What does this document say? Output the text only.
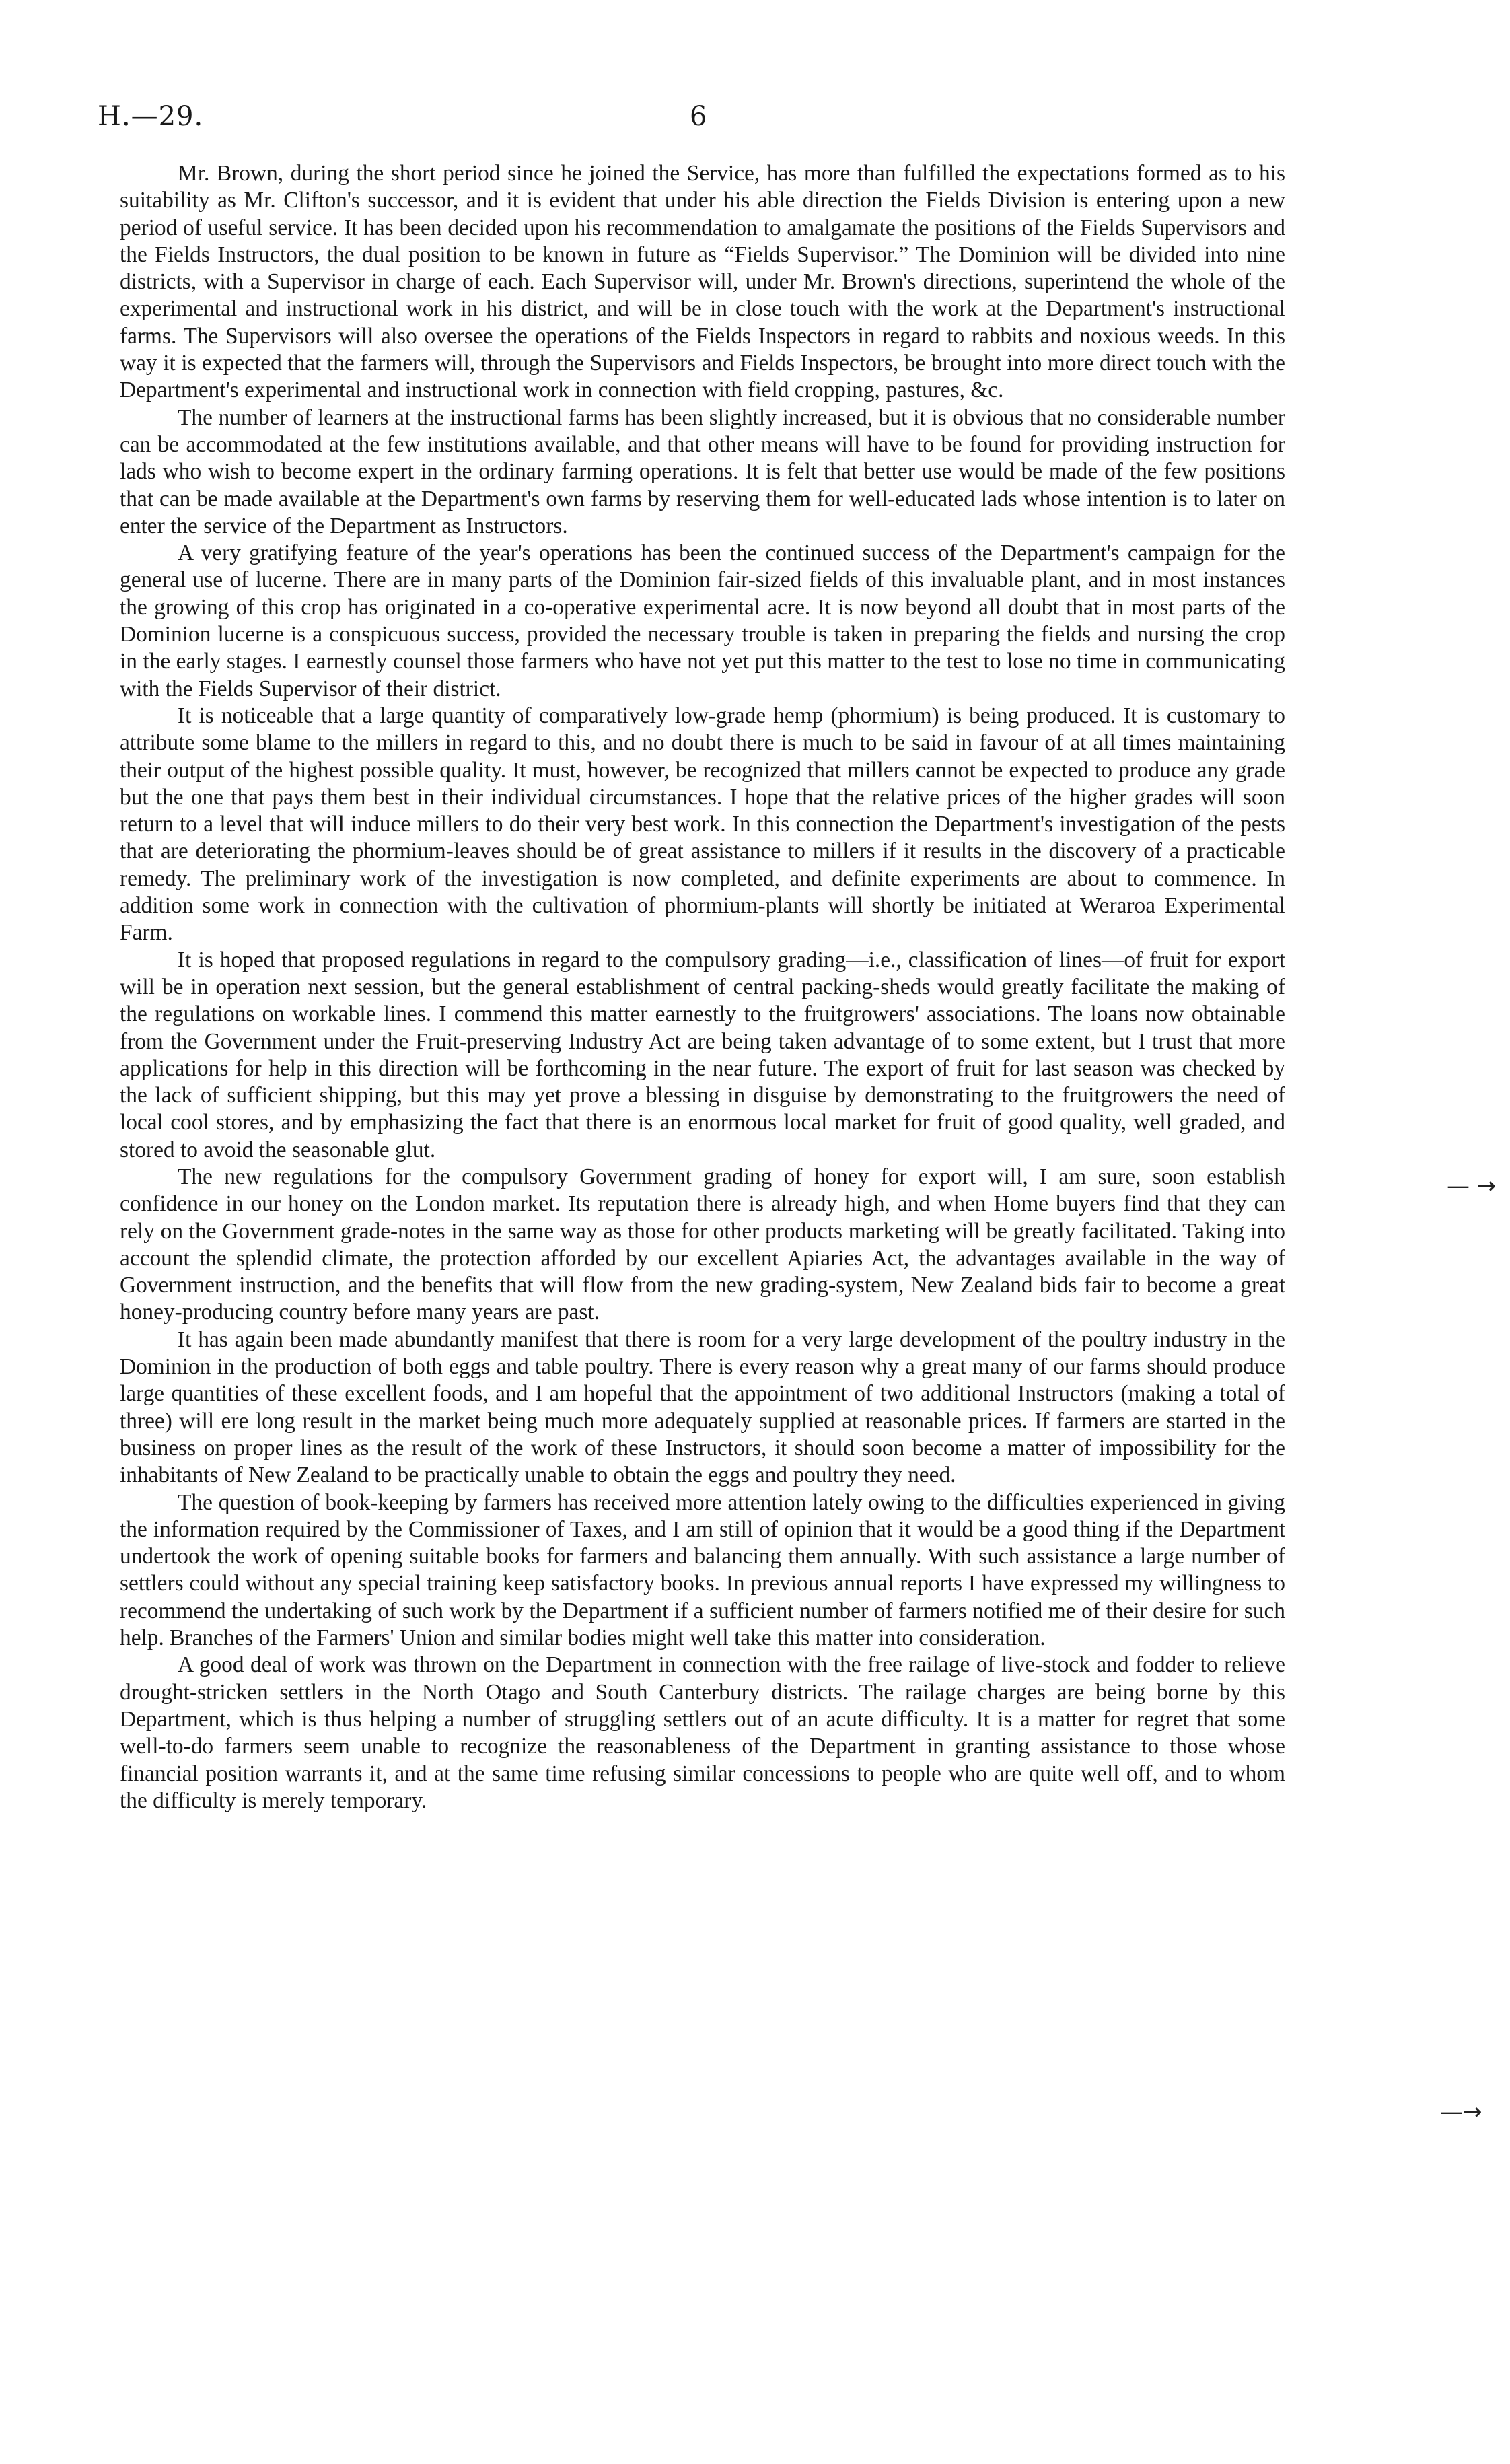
H.—29.	6

Mr. Brown, during the short period since he joined the Service, has more than fulfilled the expectations formed as to his suitability as Mr. Clifton's successor, and it is evident that under his able direction the Fields Division is entering upon a new period of useful service. It has been decided upon his recommendation to amalgamate the positions of the Fields Supervisors and the Fields Instructors, the dual position to be known in future as “Fields Supervisor.” The Dominion will be divided into nine districts, with a Supervisor in charge of each. Each Supervisor will, under Mr. Brown's directions, superintend the whole of the experimental and instructional work in his district, and will be in close touch with the work at the Department's instructional farms. The Supervisors will also oversee the operations of the Fields Inspectors in regard to rabbits and noxious weeds. In this way it is expected that the farmers will, through the Supervisors and Fields Inspectors, be brought into more direct touch with the Department's experimental and instructional work in connection with field cropping, pastures, &c.

The number of learners at the instructional farms has been slightly increased, but it is obvious that no considerable number can be accommodated at the few institutions available, and that other means will have to be found for providing instruction for lads who wish to become expert in the ordinary farming operations. It is felt that better use would be made of the few positions that can be made available at the Department's own farms by reserving them for well-educated lads whose intention is to later on enter the service of the Department as Instructors.

A very gratifying feature of the year's operations has been the continued success of the Department's campaign for the general use of lucerne. There are in many parts of the Dominion fair-sized fields of this invaluable plant, and in most instances the growing of this crop has originated in a co-operative experimental acre. It is now beyond all doubt that in most parts of the Dominion lucerne is a conspicuous success, provided the necessary trouble is taken in preparing the fields and nursing the crop in the early stages. I earnestly counsel those farmers who have not yet put this matter to the test to lose no time in communicating with the Fields Supervisor of their district.

It is noticeable that a large quantity of comparatively low-grade hemp (phormium) is being produced. It is customary to attribute some blame to the millers in regard to this, and no doubt there is much to be said in favour of at all times maintaining their output of the highest possible quality. It must, however, be recognized that millers cannot be expected to produce any grade but the one that pays them best in their individual circumstances. I hope that the relative prices of the higher grades will soon return to a level that will induce millers to do their very best work. In this connection the Department's investigation of the pests that are deteriorating the phormium-leaves should be of great assistance to millers if it results in the discovery of a practicable remedy. The preliminary work of the investigation is now completed, and definite experiments are about to commence. In addition some work in connection with the cultivation of phormium-plants will shortly be initiated at Weraroa Experimental Farm.

It is hoped that proposed regulations in regard to the compulsory grading—i.e., classification of lines—of fruit for export will be in operation next session, but the general establishment of central packing-sheds would greatly facilitate the making of the regulations on workable lines. I commend this matter earnestly to the fruitgrowers' associations. The loans now obtainable from the Government under the Fruit-preserving Industry Act are being taken advantage of to some extent, but I trust that more applications for help in this direction will be forthcoming in the near future. The export of fruit for last season was checked by the lack of sufficient shipping, but this may yet prove a blessing in disguise by demonstrating to the fruitgrowers the need of local cool stores, and by emphasizing the fact that there is an enormous local market for fruit of good quality, well graded, and stored to avoid the seasonable glut.

The new regulations for the compulsory Government grading of honey for export will, I am sure, soon establish confidence in our honey on the London market. Its reputation there is already high, and when Home buyers find that they can rely on the Government grade-notes in the same way as those for other products marketing will be greatly facilitated. Taking into account the splendid climate, the protection afforded by our excellent Apiaries Act, the advantages available in the way of Government instruction, and the benefits that will flow from the new grading-system, New Zealand bids fair to become a great honey-producing country before many years are past.

It has again been made abundantly manifest that there is room for a very large development of the poultry industry in the Dominion in the production of both eggs and table poultry. There is every reason why a great many of our farms should produce large quantities of these excellent foods, and I am hopeful that the appointment of two additional Instructors (making a total of three) will ere long result in the market being much more adequately supplied at reasonable prices. If farmers are started in the business on proper lines as the result of the work of these Instructors, it should soon become a matter of impossibility for the inhabitants of New Zealand to be practically unable to obtain the eggs and poultry they need.

The question of book-keeping by farmers has received more attention lately owing to the difficulties experienced in giving the information required by the Commissioner of Taxes, and I am still of opinion that it would be a good thing if the Department undertook the work of opening suitable books for farmers and balancing them annually. With such assistance a large number of settlers could without any special training keep satisfactory books. In previous annual reports I have expressed my willingness to recommend the undertaking of such work by the Department if a sufficient number of farmers notified me of their desire for such help. Branches of the Farmers' Union and similar bodies might well take this matter into consideration.

A good deal of work was thrown on the Department in connection with the free railage of live-stock and fodder to relieve drought-stricken settlers in the North Otago and South Canterbury districts. The railage charges are being borne by this Department, which is thus helping a number of struggling settlers out of an acute difficulty. It is a matter for regret that some well-to-do farmers seem unable to recognize the reasonableness of the Department in granting assistance to those whose financial position warrants it, and at the same time refusing similar concessions to people who are quite well off, and to whom the difficulty is merely temporary.

— →
—→
